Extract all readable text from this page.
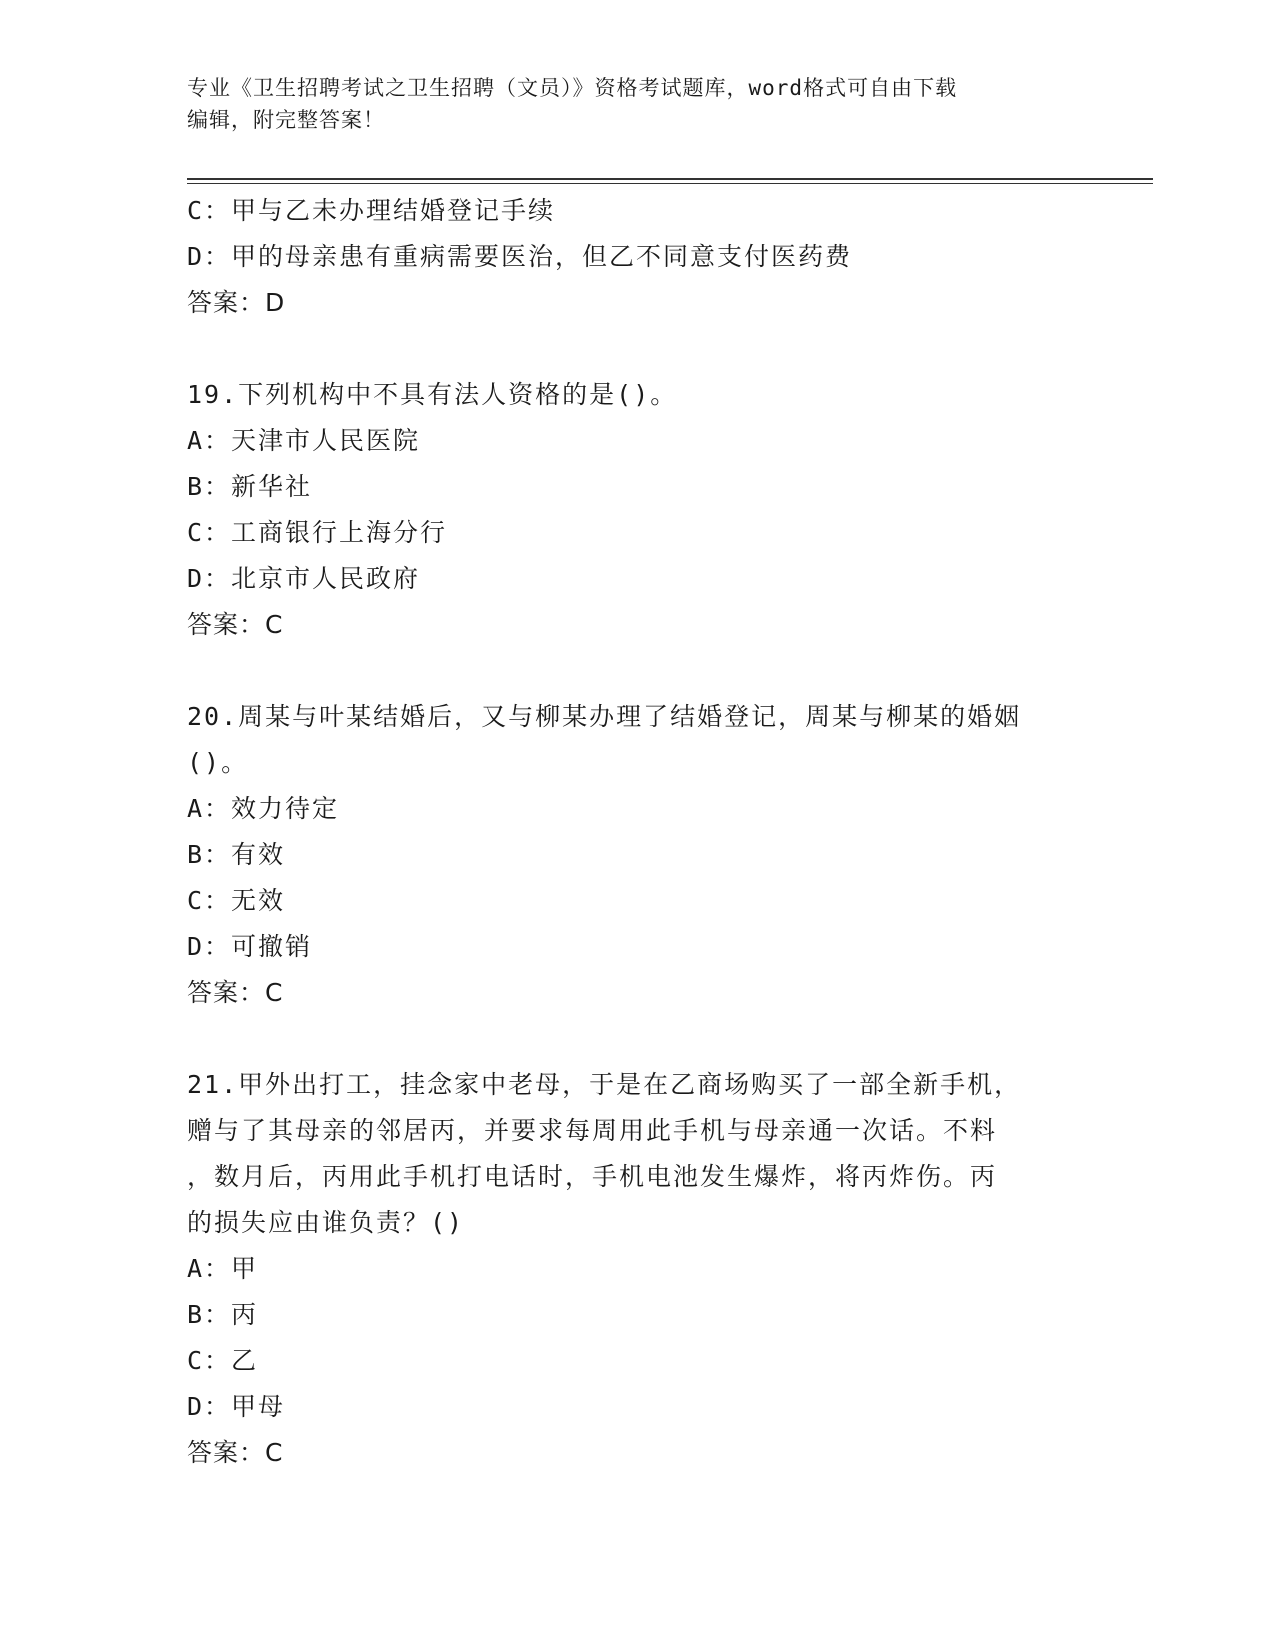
专业《卫生招聘考试之卫生招聘（文员）》资格考试题库，word格式可自由下载
编辑，附完整答案！
C：甲与乙未办理结婚登记手续
D：甲的母亲患有重病需要医治，但乙不同意支付医药费
答案：D
19.下列机构中不具有法人资格的是()。
A：天津市人民医院
B：新华社
C：工商银行上海分行
D：北京市人民政府
答案：C
20.周某与叶某结婚后，又与柳某办理了结婚登记，周某与柳某的婚姻
()。
A：效力待定
B：有效
C：无效
D：可撤销
答案：C
21.甲外出打工，挂念家中老母，于是在乙商场购买了一部全新手机，
赠与了其母亲的邻居丙，并要求每周用此手机与母亲通一次话。不料
，数月后，丙用此手机打电话时，手机电池发生爆炸，将丙炸伤。丙
的损失应由谁负责？()
A：甲
B：丙
C：乙
D：甲母
答案：C
